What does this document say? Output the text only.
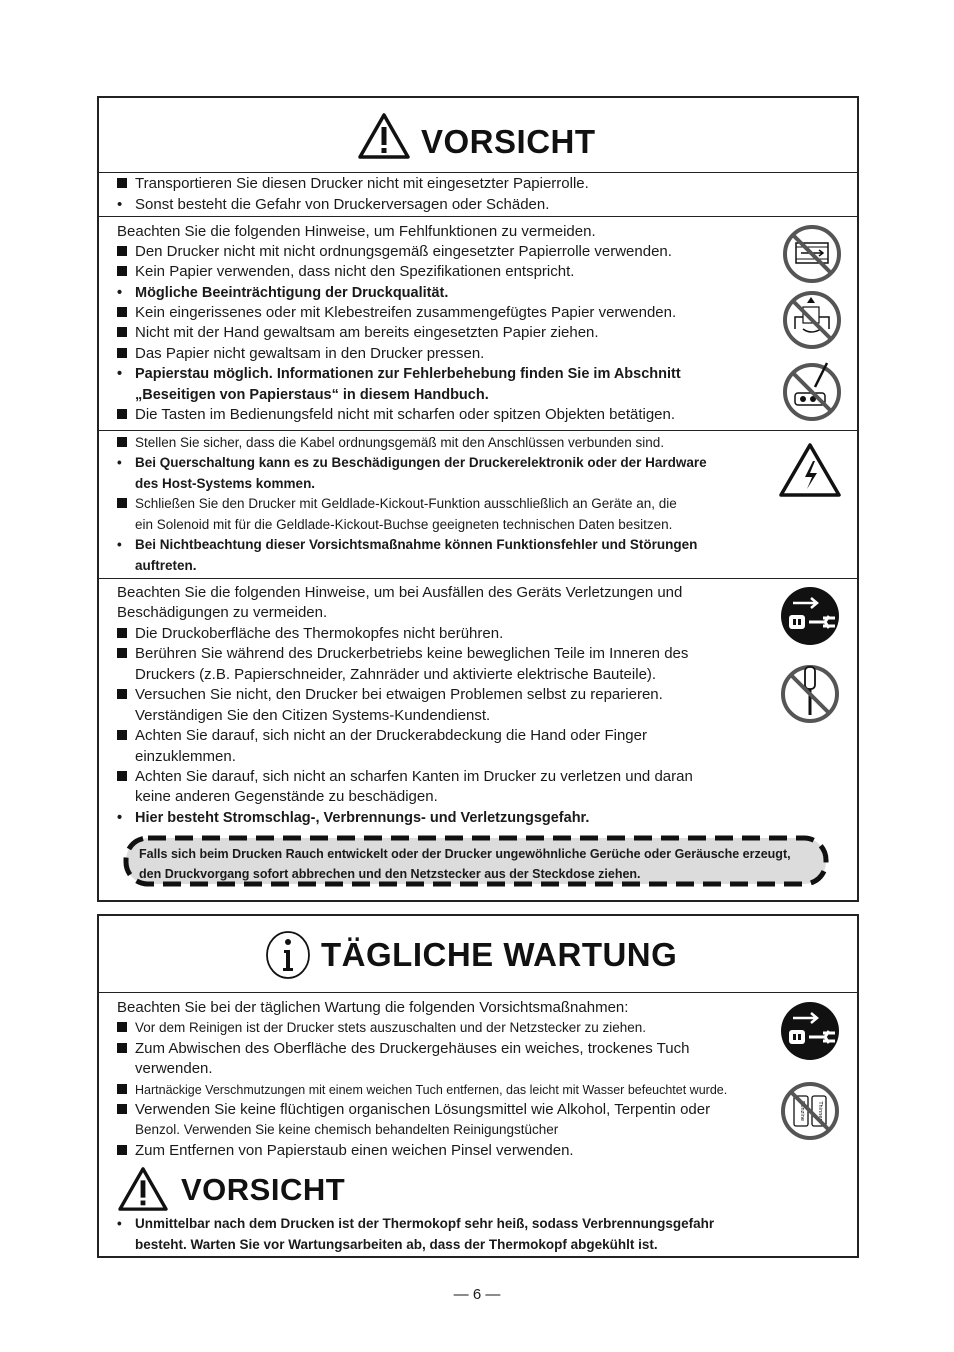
VORSICHT
Transportieren Sie diesen Drucker nicht mit eingesetzter Papierrolle.
• Sonst besteht die Gefahr von Druckerversagen oder Schäden.
Beachten Sie die folgenden Hinweise, um Fehlfunktionen zu vermeiden.
Den Drucker nicht mit nicht ordnungsgemäß eingesetzter Papierrolle verwenden.
Kein Papier verwenden, dass nicht den Spezifikationen entspricht.
• Mögliche Beeinträchtigung der Druckqualität.
Kein eingerissenes oder mit Klebestreifen zusammengefügtes Papier verwenden.
Nicht mit der Hand gewaltsam am bereits eingesetzten Papier ziehen.
Das Papier nicht gewaltsam in den Drucker pressen.
• Papierstau möglich. Informationen zur Fehlerbehebung finden Sie im Abschnitt
„Beseitigen von Papierstaus“ in diesem Handbuch.
Die Tasten im Bedienungsfeld nicht mit scharfen oder spitzen Objekten betätigen.
Stellen Sie sicher, dass die Kabel ordnungsgemäß mit den Anschlüssen verbunden sind.
• Bei Querschaltung kann es zu Beschädigungen der Druckerelektronik oder der Hardware
des Host-Systems kommen.
Schließen Sie den Drucker mit Geldlade-Kickout-Funktion ausschließlich an Geräte an, die
ein Solenoid mit für die Geldlade-Kickout-Buchse geeigneten technischen Daten besitzen.
• Bei Nichtbeachtung dieser Vorsichtsmaßnahme können Funktionsfehler und Störungen
auftreten.
Beachten Sie die folgenden Hinweise, um bei Ausfällen des Geräts Verletzungen und
Beschädigungen zu vermeiden.
Die Druckoberfläche des Thermokopfes nicht berühren.
Berühren Sie während des Druckerbetriebs keine beweglichen Teile im Inneren des
Druckers (z.B. Papierschneider, Zahnräder und aktivierte elektrische Bauteile).
Versuchen Sie nicht, den Drucker bei etwaigen Problemen selbst zu reparieren.
Verständigen Sie den Citizen Systems-Kundendienst.
Achten Sie darauf, sich nicht an der Druckerabdeckung die Hand oder Finger
einzuklemmen.
Achten Sie darauf, sich nicht an scharfen Kanten im Drucker zu verletzen und daran
keine anderen Gegenstände zu beschädigen.
• Hier besteht Stromschlag-, Verbrennungs- und Verletzungsgefahr.
Falls sich beim Drucken Rauch entwickelt oder der Drucker ungewöhnliche Gerüche oder Geräusche erzeugt,
den Druckvorgang sofort abbrechen und den Netzstecker aus der Steckdose ziehen.
TÄGLICHE WARTUNG
Beachten Sie bei der täglichen Wartung die folgenden Vorsichtsmaßnahmen:
Vor dem Reinigen ist der Drucker stets auszuschalten und der Netzstecker zu ziehen.
Zum Abwischen des Oberfläche des Druckergehäuses ein weiches, trockenes Tuch
verwenden.
Hartnäckige Verschmutzungen mit einem weichen Tuch entfernen, das leicht mit Wasser befeuchtet wurde.
Verwenden Sie keine flüchtigen organischen Lösungsmittel wie Alkohol, Terpentin oder
Benzol. Verwenden Sie keine chemisch behandelten Reinigungstücher
Zum Entfernen von Papierstaub einen weichen Pinsel verwenden.
VORSICHT
• Unmittelbar nach dem Drucken ist der Thermokopf sehr heiß, sodass Verbrennungsgefahr
besteht. Warten Sie vor Wartungsarbeiten ab, dass der Thermokopf abgekühlt ist.
Benzine Thinner
— 6 —
